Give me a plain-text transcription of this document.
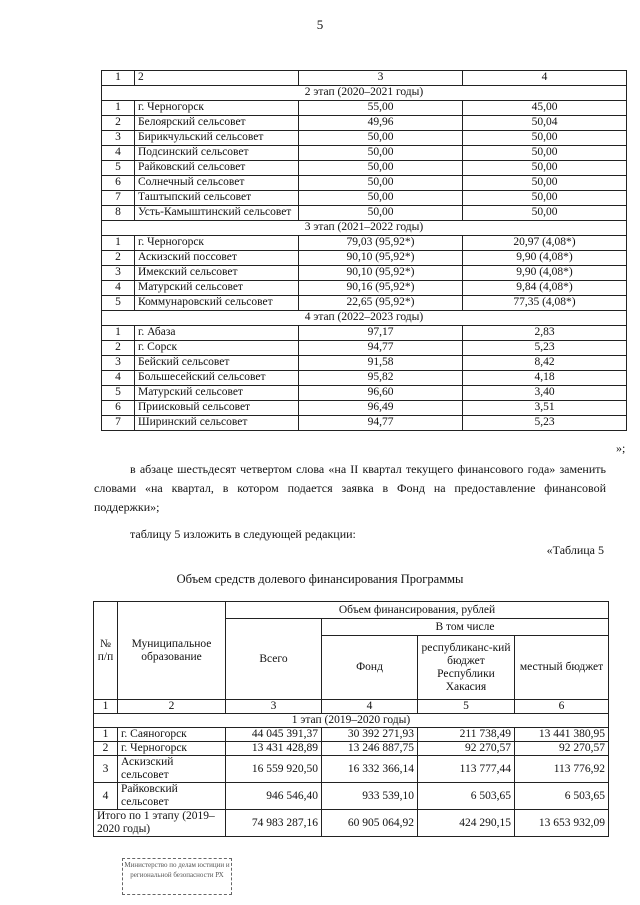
5
1	2	3	4
2 этап (2020–2021 годы)			
1	г. Черногорск	55,00	45,00
2	Белоярский сельсовет	49,96	50,04
3	Бирикчульский сельсовет	50,00	50,00
4	Подсинский сельсовет	50,00	50,00
5	Райковский сельсовет	50,00	50,00
6	Солнечный сельсовет	50,00	50,00
7	Таштыпский сельсовет	50,00	50,00
8	Усть-Камыштинский сельсовет	50,00	50,00
3 этап (2021–2022 годы)			
1	г. Черногорск	79,03 (95,92*)	20,97 (4,08*)
2	Аскизский поссовет	90,10 (95,92*)	9,90 (4,08*)
3	Имекский сельсовет	90,10 (95,92*)	9,90 (4,08*)
4	Матурский сельсовет	90,16 (95,92*)	9,84 (4,08*)
5	Коммунаровский сельсовет	22,65 (95,92*)	77,35 (4,08*)
4 этап (2022–2023 годы)			
1	г. Абаза	97,17	2,83
2	г. Сорск	94,77	5,23
3	Бейский сельсовет	91,58	8,42
4	Большесейский сельсовет	95,82	4,18
5	Матурский сельсовет	96,60	3,40
6	Приисковый сельсовет	96,49	3,51
7	Ширинский сельсовет	94,77	5,23
»;
в абзаце шестьдесят четвертом слова «на II квартал текущего финансового года» заменить словами «на квартал, в котором подается заявка в Фонд на предоставление финансовой поддержки»;
таблицу 5 изложить в следующей редакции:
«Таблица 5
Объем средств долевого финансирования Программы
№ п/п	Муниципальное образование	Объем финансирования, рублей			
		Всего	В том числе		
			Фонд	республиканс-кий бюджет Республики Хакасия	местный бюджет
1	2	3	4	5	6
1 этап (2019–2020 годы)					
1	г. Саяногорск	44 045 391,37	30 392 271,93	211 738,49	13 441 380,95
2	г. Черногорск	13 431 428,89	13 246 887,75	92 270,57	92 270,57
3	Аскизский сельсовет	16 559 920,50	16 332 366,14	113 777,44	113 776,92
4	Райковский сельсовет	946 546,40	933 539,10	6 503,65	6 503,65
Итого по 1 этапу (2019–2020 годы)		74 983 287,16	60 905 064,92	424 290,15	13 653 932,09
Министерство по делам юстиции и региональной безопасности РХ
